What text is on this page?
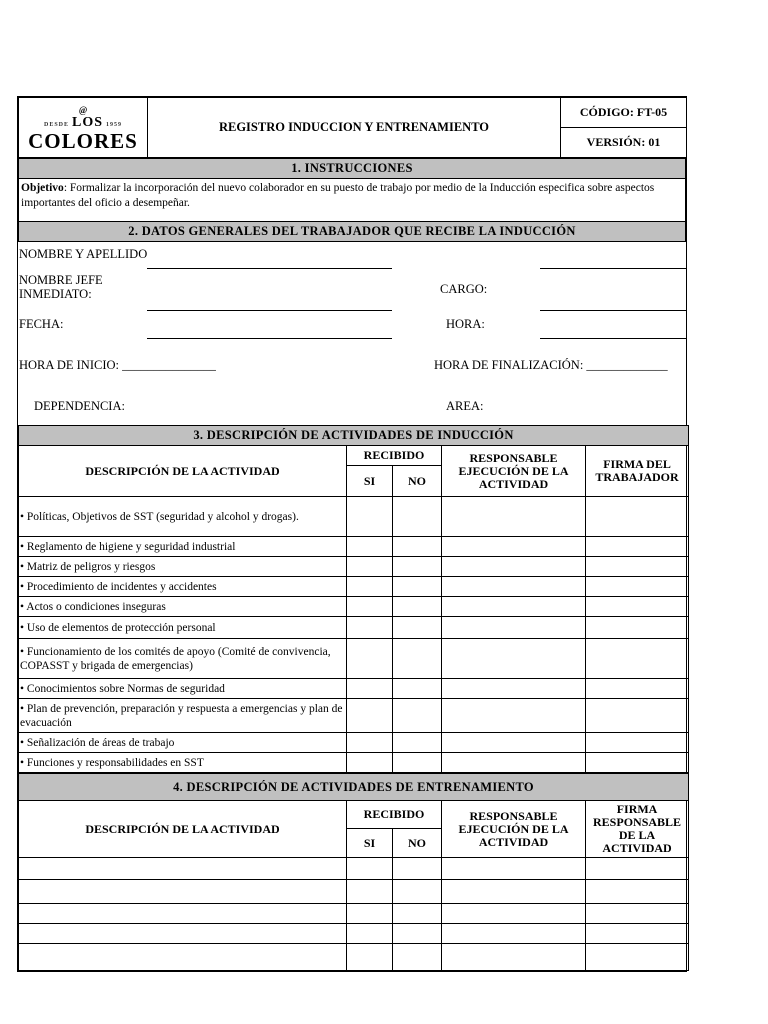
@
DESDE LOS 1959
COLORES
	REGISTRO INDUCCION Y ENTRENAMIENTO	CÓDIGO: FT-05
VERSIÓN: 01
1. INSTRUCCIONES
Objetivo: Formalizar la incorporación del nuevo colaborador en su puesto de trabajo por medio de la Inducción especifica sobre aspectos importantes del oficio a desempeñar.
2. DATOS GENERALES DEL TRABAJADOR QUE RECIBE LA INDUCCIÓN
NOMBRE Y APELLIDO
NOMBRE JEFE INMEDIATO:	CARGO:
FECHA:	HORA:
HORA DE INICIO: _______________	HORA DE FINALIZACIÓN: _____________
DEPENDENCIA:	AREA:
3. DESCRIPCIÓN DE ACTIVIDADES DE INDUCCIÓN				
DESCRIPCIÓN DE LA ACTIVIDAD	RECIBIDO		RESPONSABLE EJECUCIÓN DE LA ACTIVIDAD	FIRMA DEL TRABAJADOR
	SI	NO		
• Políticas, Objetivos de SST (seguridad y alcohol y drogas).				
• Reglamento de higiene y seguridad industrial				
• Matriz de peligros y riesgos				
• Procedimiento de incidentes y accidentes				
• Actos o condiciones inseguras				
• Uso de elementos de protección personal				
• Funcionamiento de los comités de apoyo (Comité de convivencia, COPASST y brigada de emergencias)				
• Conocimientos sobre Normas de seguridad				
• Plan de prevención, preparación y respuesta a emergencias y plan de evacuación				
• Señalización de áreas de trabajo				
• Funciones y responsabilidades en SST				
4. DESCRIPCIÓN DE ACTIVIDADES DE ENTRENAMIENTO				
DESCRIPCIÓN DE LA ACTIVIDAD	RECIBIDO		RESPONSABLE EJECUCIÓN DE LA ACTIVIDAD	FIRMA RESPONSABLE DE LA ACTIVIDAD
	SI	NO		
